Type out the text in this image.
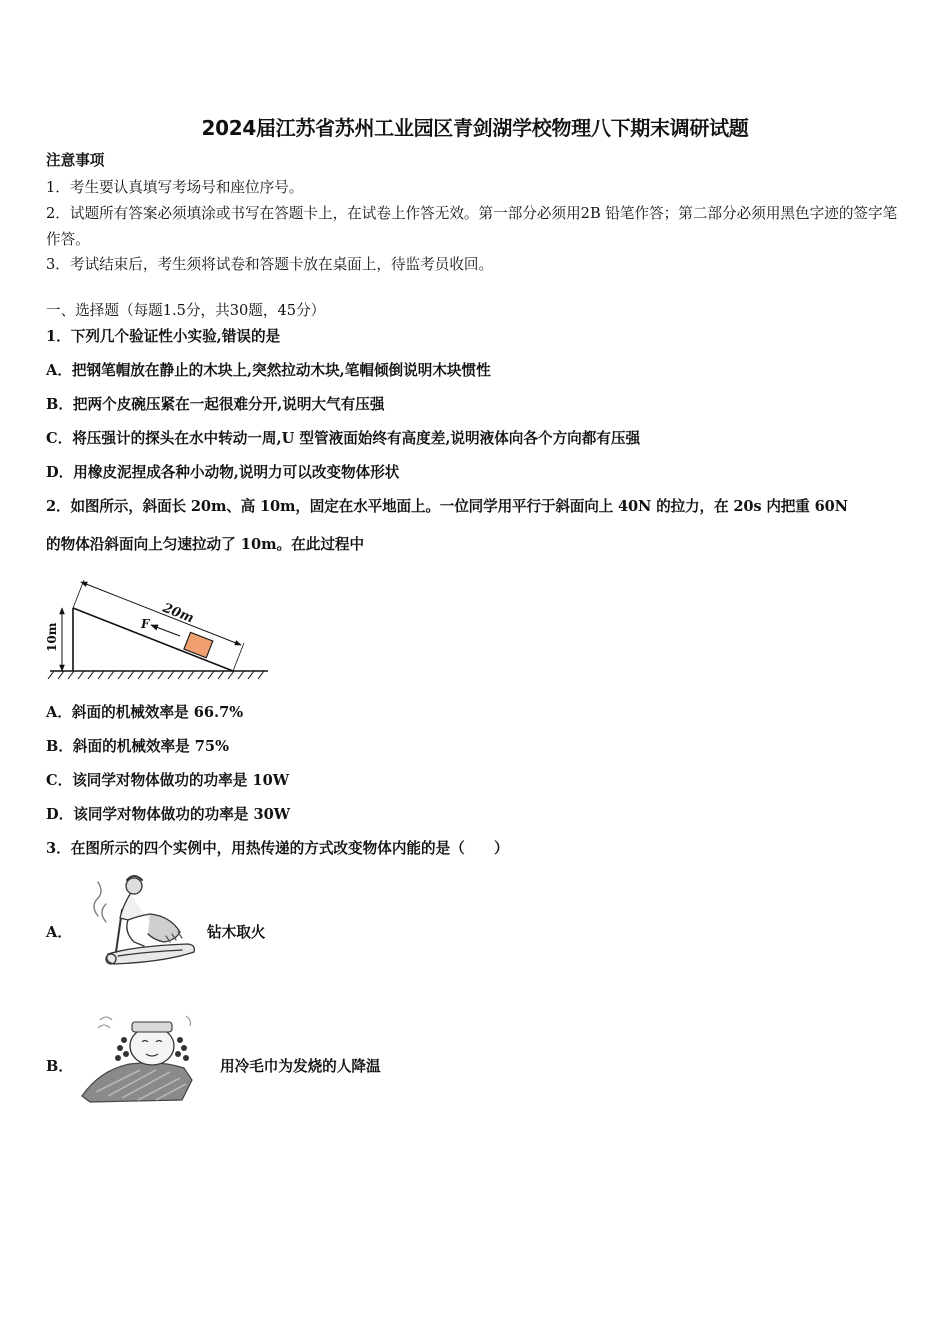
2024届江苏省苏州工业园区青剑湖学校物理八下期末调研试题
注意事项
1．考生要认真填写考场号和座位序号。
2．试题所有答案必须填涂或书写在答题卡上，在试卷上作答无效。第一部分必须用2B 铅笔作答；第二部分必须用黑色字迹的签字笔作答。
3．考试结束后，考生须将试卷和答题卡放在桌面上，待监考员收回。
一、选择题（每题1.5分，共30题，45分）
1．下列几个验证性小实验,错误的是
A．把钢笔帽放在静止的木块上,突然拉动木块,笔帽倾倒说明木块惯性
B．把两个皮碗压紧在一起很难分开,说明大气有压强
C．将压强计的探头在水中转动一周,U 型管液面始终有高度差,说明液体向各个方向都有压强
D．用橡皮泥捏成各种小动物,说明力可以改变物体形状
2．如图所示，斜面长 20m、高 10m，固定在水平地面上。一位同学用平行于斜面向上 40N 的拉力，在 20s 内把重 60N
的物体沿斜面向上匀速拉动了 10m。在此过程中
20m
F
10m
A．斜面的机械效率是 66.7%
B．斜面的机械效率是 75%
C．该同学对物体做功的功率是 10W
D．该同学对物体做功的功率是 30W
3．在图所示的四个实例中，用热传递的方式改变物体内能的是（　　）
A．	钻木取火
B．	用冷毛巾为发烧的人降温
